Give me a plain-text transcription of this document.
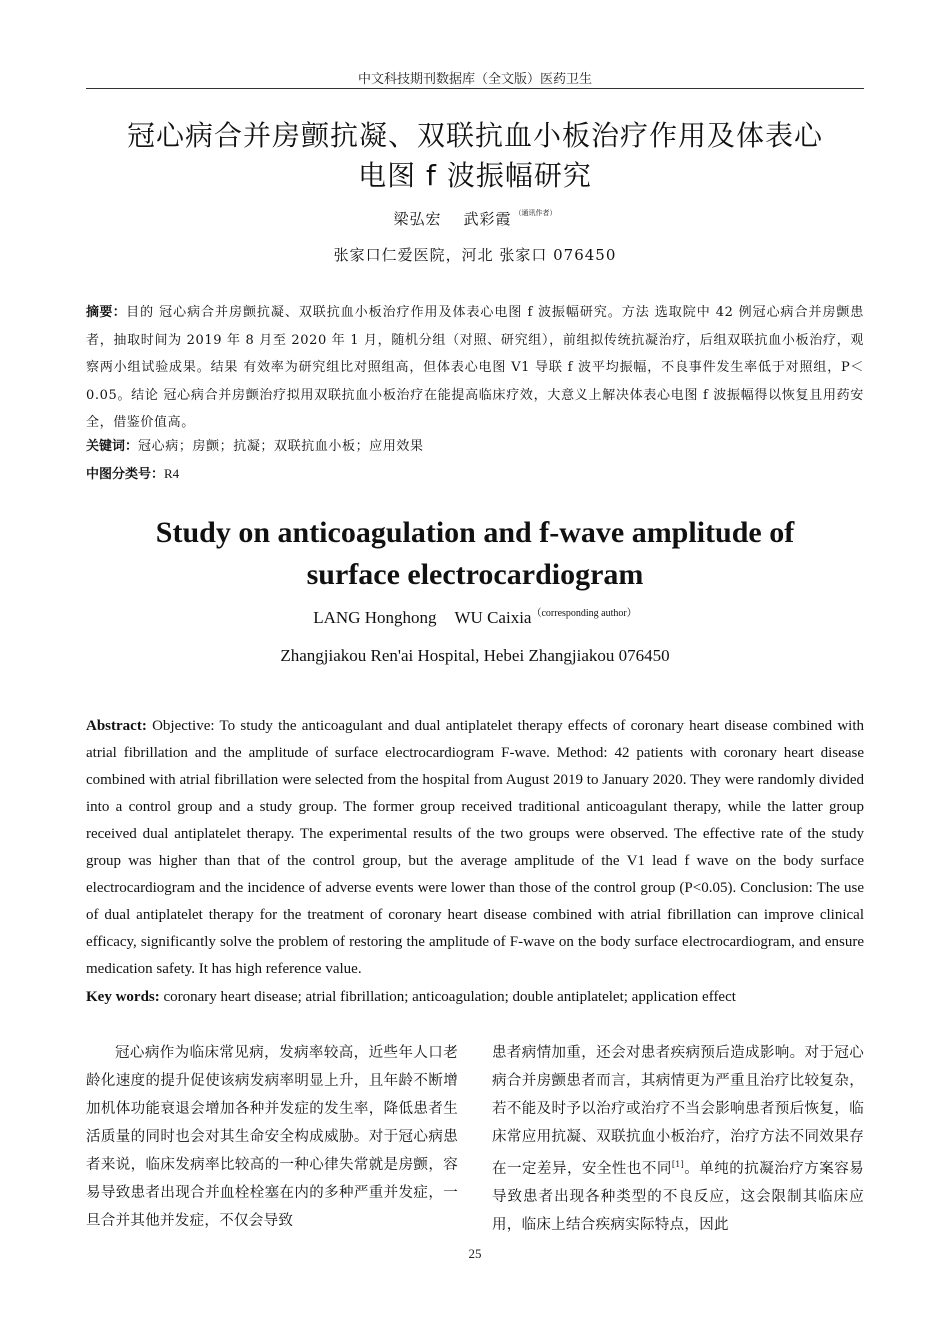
中文科技期刊数据库（全文版）医药卫生
冠心病合并房颤抗凝、双联抗血小板治疗作用及体表心
电图 f 波振幅研究
梁弘宏 武彩霞 $^{(通讯作者)}$
张家口仁爱医院，河北 张家口 076450
摘要：目的 冠心病合并房颤抗凝、双联抗血小板治疗作用及体表心电图 f 波振幅研究。方法 选取院中 42 例冠心病合并房颤患者，抽取时间为 2019 年 8 月至 2020 年 1 月，随机分组（对照、研究组），前组拟传统抗凝治疗，后组双联抗血小板治疗，观察两小组试验成果。结果 有效率为研究组比对照组高，但体表心电图 V1 导联 f 波平均振幅，不良事件发生率低于对照组，P＜0.05。结论 冠心病合并房颤治疗拟用双联抗血小板治疗在能提高临床疗效，大意义上解决体表心电图 f 波振幅得以恢复且用药安全，借鉴价值高。
关键词：冠心病；房颤；抗凝；双联抗血小板；应用效果
中图分类号：R4
Study on anticoagulation and f-wave amplitude of
surface electrocardiogram
LANG Honghong WU Caixia$^{(corresponding author)}$
Zhangjiakou Ren'ai Hospital, Hebei Zhangjiakou 076450
Abstract: Objective: To study the anticoagulant and dual antiplatelet therapy effects of coronary heart disease combined with atrial fibrillation and the amplitude of surface electrocardiogram F-wave. Method: 42 patients with coronary heart disease combined with atrial fibrillation were selected from the hospital from August 2019 to January 2020. They were randomly divided into a control group and a study group. The former group received traditional anticoagulant therapy, while the latter group received dual antiplatelet therapy. The experimental results of the two groups were observed. The effective rate of the study group was higher than that of the control group, but the average amplitude of the V1 lead f wave on the body surface electrocardiogram and the incidence of adverse events were lower than those of the control group (P<0.05). Conclusion: The use of dual antiplatelet therapy for the treatment of coronary heart disease combined with atrial fibrillation can improve clinical efficacy, significantly solve the problem of restoring the amplitude of F-wave on the body surface electrocardiogram, and ensure medication safety. It has high reference value.
Key words: coronary heart disease; atrial fibrillation; anticoagulation; double antiplatelet; application effect

冠心病作为临床常见病，发病率较高，近些年人口老龄化速度的提升促使该病发病率明显上升，且年龄不断增加机体功能衰退会增加各种并发症的发生率，降低患者生活质量的同时也会对其生命安全构成威胁。对于冠心病患者来说，临床发病率比较高的一种心律失常就是房颤，容易导致患者出现合并血栓栓塞在内的多种严重并发症，一旦合并其他并发症，不仅会导致

患者病情加重，还会对患者疾病预后造成影响。对于冠心病合并房颤患者而言，其病情更为严重且治疗比较复杂，若不能及时予以治疗或治疗不当会影响患者预后恢复，临床常应用抗凝、双联抗血小板治疗，治疗方法不同效果存在一定差异，安全性也不同[1]。单纯的抗凝治疗方案容易导致患者出现各种类型的不良反应，这会限制其临床应用，临床上结合疾病实际特点，因此

25
